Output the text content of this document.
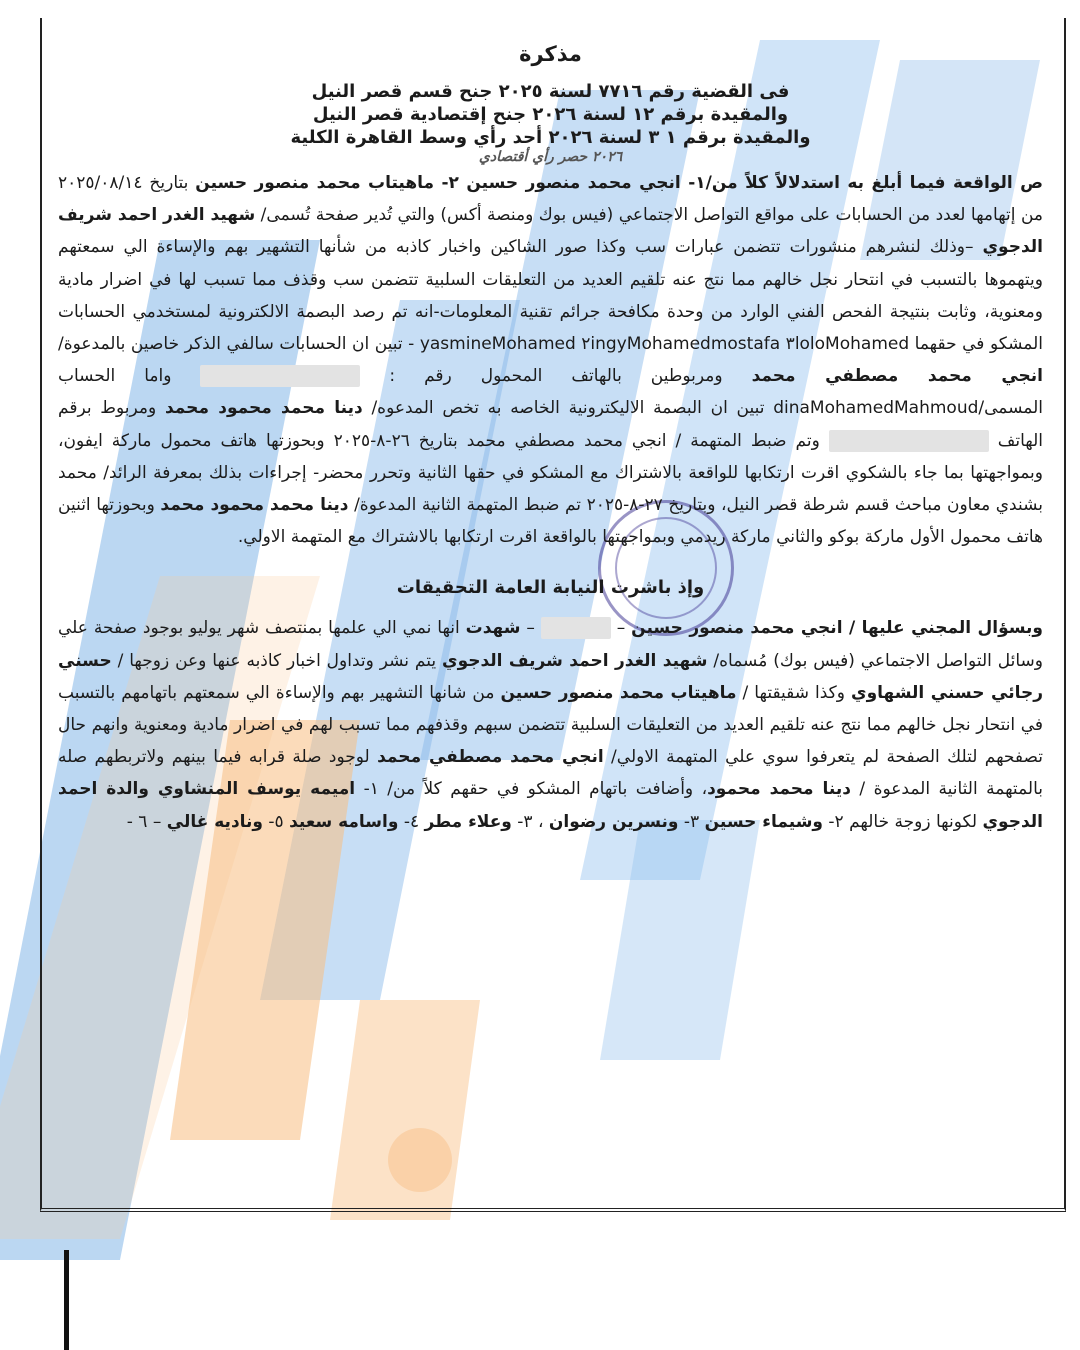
مذكرة
فى القضية رقم ٧٧١٦ لسنة ٢٠٢٥ جنح قسم قصر النيل
والمقيدة برقم ١٢ لسنة ٢٠٢٦ جنح إقتصادية قصر النيل
والمقيدة برقم ١ ٣ لسنة ٢٠٢٦ أحد رأي وسط القاهرة الكلية
٢٠٢٦ حصر رأي أقتصادي

ص الواقعة فيما أبلغ به استدلالاً كلاً من/١- انجي محمد منصور حسين ٢- ماهيتاب محمد منصور حسين بتاريخ ٢٠٢٥/٠٨/١٤ من إتهامها لعدد من الحسابات على مواقع التواصل الاجتماعي (فيس بوك ومنصة أكس) والتي تُدير صفحة تُسمى/ شهيد الغدر احمد شريف الدجوي –وذلك لنشرهم منشورات تتضمن عبارات سب وكذا صور الشاكين واخبار كاذبه من شأنها التشهير بهم والإساءة الي سمعتهم ويتهموها بالتسبب في انتحار نجل خالهم مما نتج عنه تلقيم العديد من التعليقات السلبية تتضمن سب وقذف مما تسبب لها في اضرار مادية ومعنوية، وثابت بنتيجة الفحص الفني الوارد من وحدة مكافحة جرائم تقنية المعلومات-انه تم رصد البصمة الالكترونية لمستخدمي الحسابات المشكو في حقهما yasmineMohamed ٢ingyMohamedmostafa ٣loloMohamed - تبين ان الحسابات سالفي الذكر خاصين بالمدعوة/ انجي محمد مصطفي محمد ومربوطين بالهاتف المحمول رقم :  واما الحساب المسمى/dinaMohamedMahmoud تبين ان البصمة الاليكترونية الخاصه به تخص المدعوه/ دينا محمد محمود محمد ومربوط برقم الهاتف  وتم ضبط المتهمة / انجي محمد مصطفي محمد بتاريخ ٢٦-٨-٢٠٢٥ وبحوزتها هاتف محمول ماركة ايفون، وبمواجهتها بما جاء بالشكوي اقرت ارتكابها للواقعة بالاشتراك مع المشكو في حقها الثانية وتحرر محضر- إجراءات بذلك بمعرفة الرائد/ محمد بشندي معاون مباحث قسم شرطة قصر النيل، وبتاريخ ٢٧-٨-٢٠٢٥ تم ضبط المتهمة الثانية المدعوة/ دينا محمد محمود محمد وبحوزتها اثنين هاتف محمول الأول ماركة بوكو والثاني ماركة ريدمي وبمواجهتها بالواقعة اقرت ارتكابها بالاشتراك مع المتهمة الاولي.

وإذ باشرت النيابة العامة التحقيقات

وبسؤال المجني عليها / انجي محمد منصور حسين –  – شهدت انها نمي الي علمها بمنتصف شهر يوليو بوجود صفحة علي وسائل التواصل الاجتماعي (فيس بوك) مُسماه/ شهيد الغدر احمد شريف الدجوي يتم نشر وتداول اخبار كاذبه عنها وعن زوجها / حسني رجائي حسني الشهاوي وكذا شقيقتها / ماهيتاب محمد منصور حسين من شانها التشهير بهم والإساءة الي سمعتهم باتهامهم بالتسبب في انتحار نجل خالهم مما نتج عنه تلقيم العديد من التعليقات السلبية تتضمن سبهم وقذفهم مما تسبب لهم في اضرار مادية ومعنوية وانهم حال تصفحهم لتلك الصفحة لم يتعرفوا سوي علي المتهمة الاولي/ انجي محمد مصطفي محمد لوجود صلة قرابه فيما بينهم ولاتربطهم صله بالمتهمة الثانية المدعوة / دينا محمد محمود، وأضافت باتهام المشكو في حقهم كلاً من/ ١- اميمه يوسف المنشاوي والدة احمد الدجوي لكونها زوجة خالهم ٢- وشيماء حسين ٣- ونسرين رضوان ، ٣- وعلاء مطر ٤- واسامه سعيد ٥- وناديه غالي – ٦ -
